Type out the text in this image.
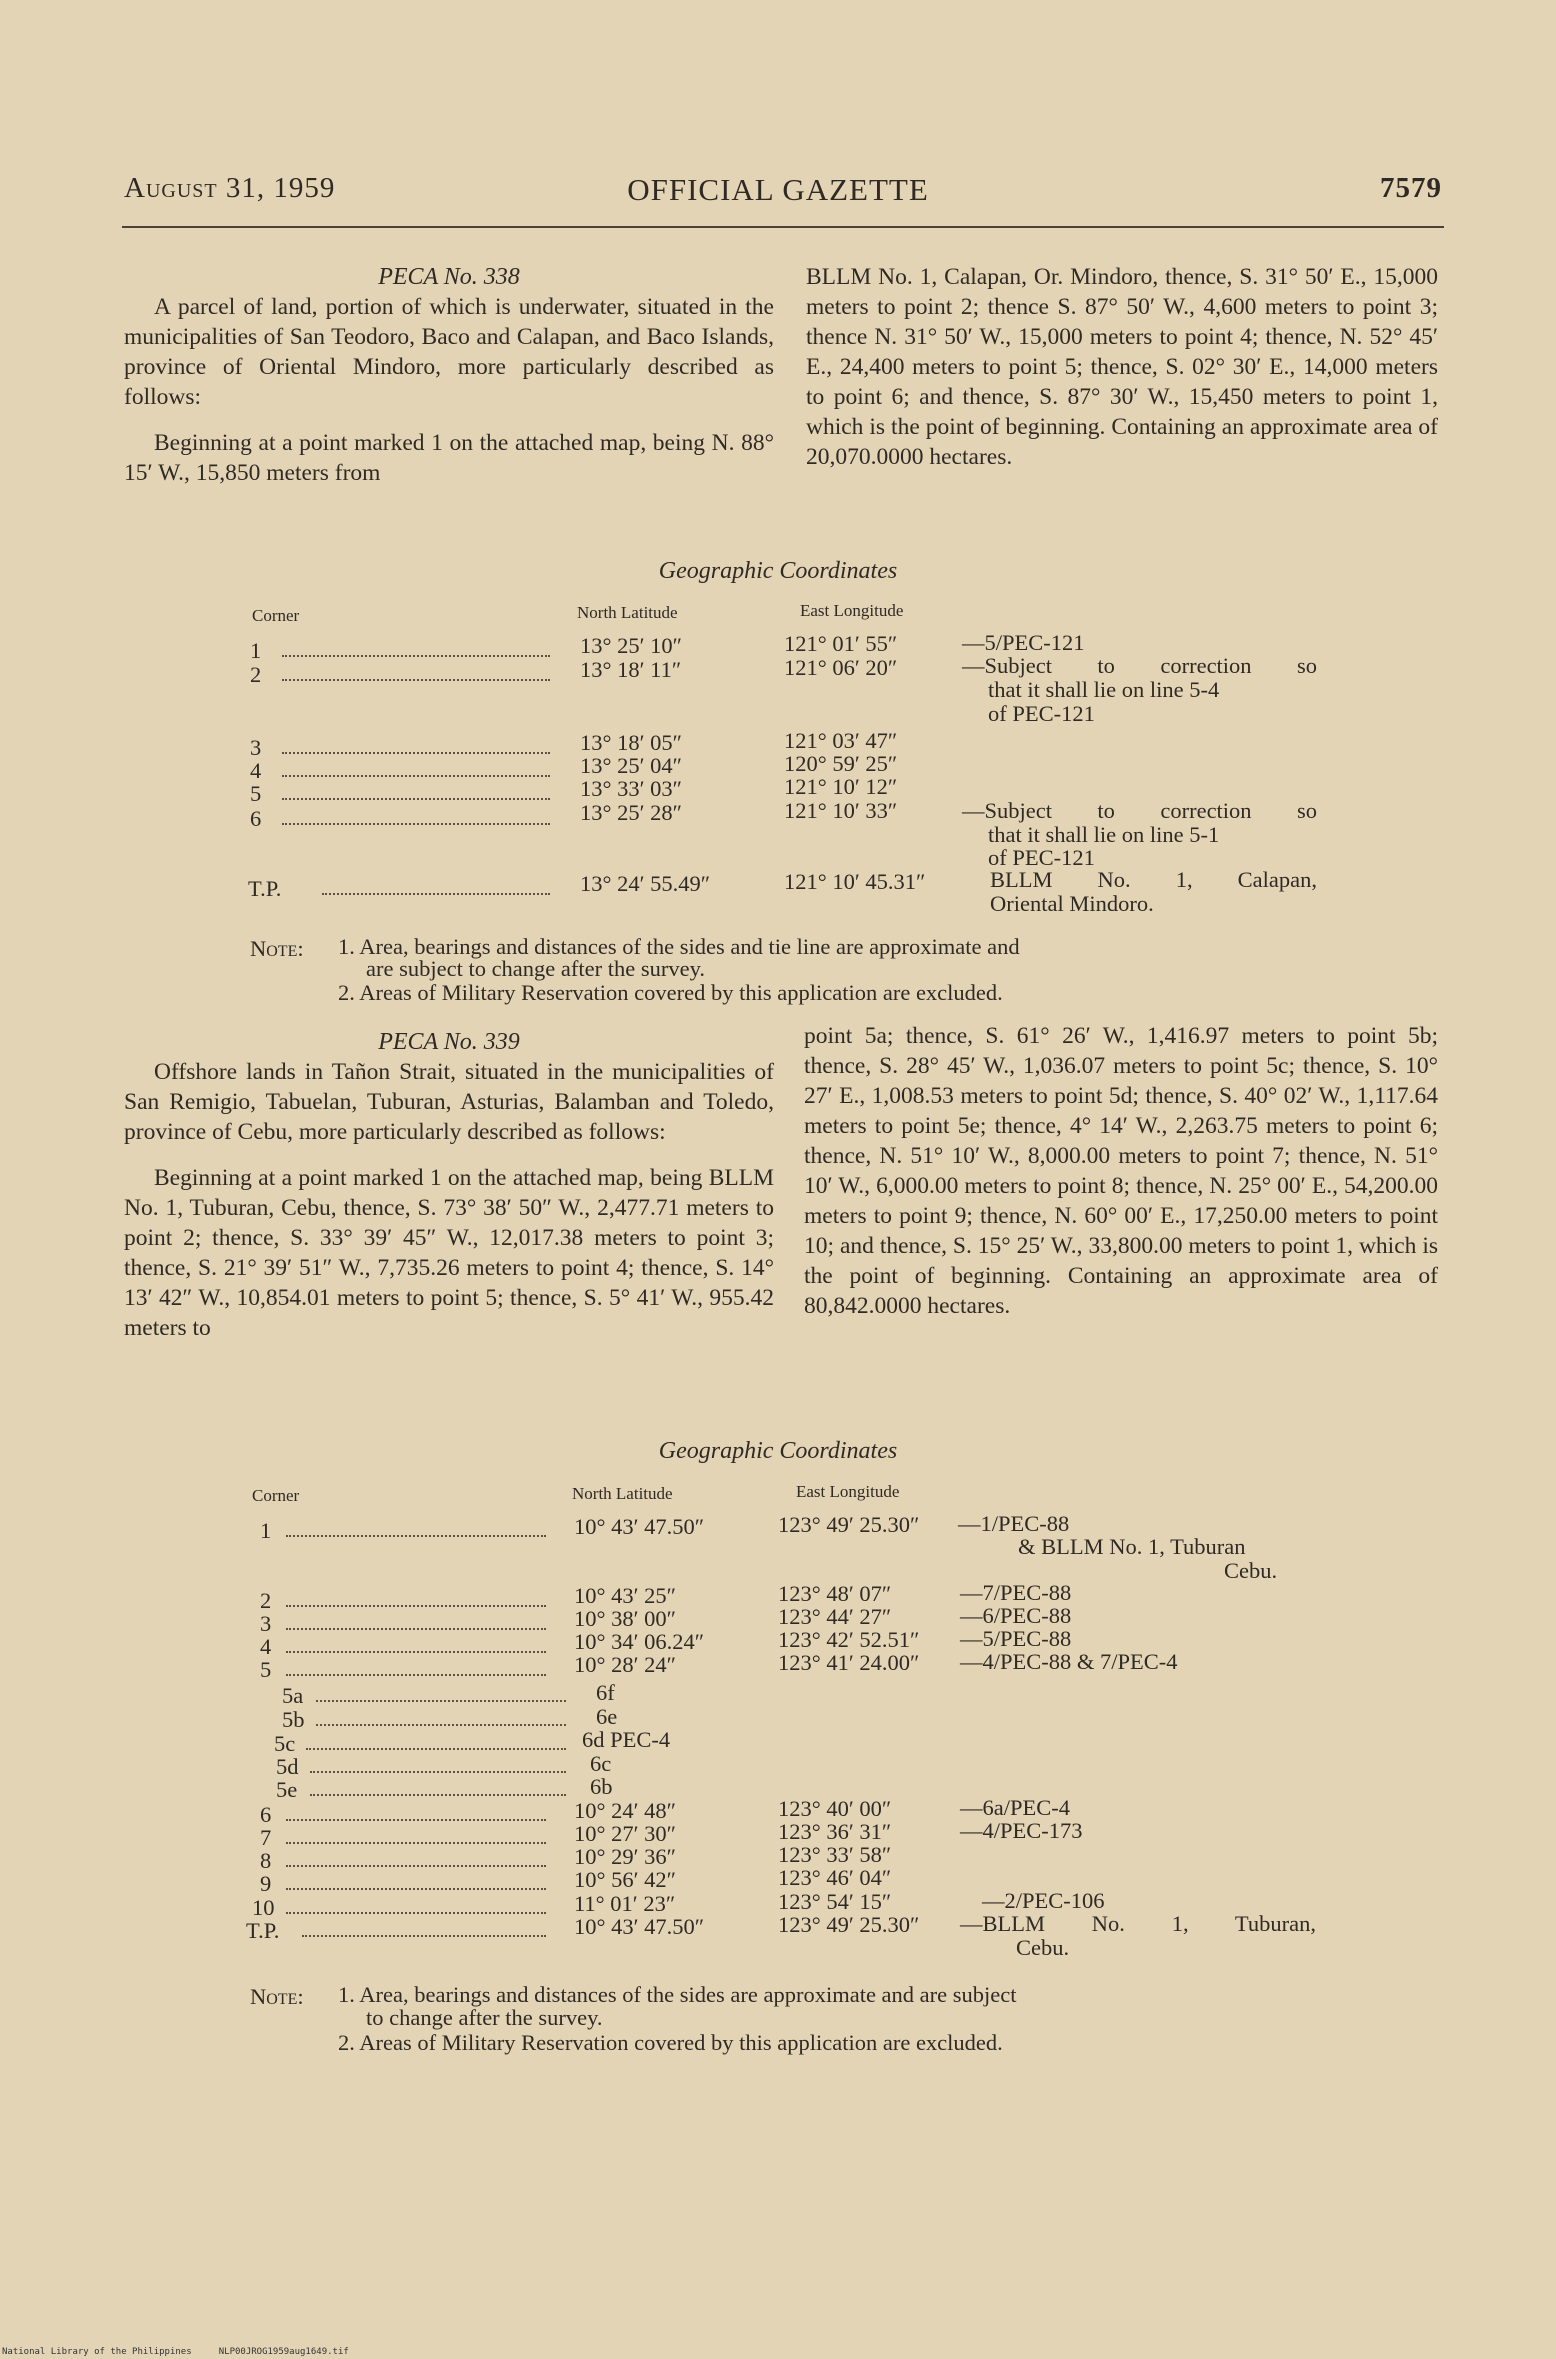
August 31, 1959	OFFICIAL GAZETTE	7579

PECA No. 338

A parcel of land, portion of which is underwater, situated in the municipalities of San Teodoro, Baco and Calapan, and Baco Islands, province of Oriental Mindoro, more particularly described as follows:

Beginning at a point marked 1 on the attached map, being N. 88° 15′ W., 15,850 meters from

BLLM No. 1, Calapan, Or. Mindoro, thence, S. 31° 50′ E., 15,000 meters to point 2; thence S. 87° 50′ W., 4,600 meters to point 3; thence N. 31° 50′ W., 15,000 meters to point 4; thence, N. 52° 45′ E., 24,400 meters to point 5; thence, S. 02° 30′ E., 14,000 meters to point 6; and thence, S. 87° 30′ W., 15,450 meters to point 1, which is the point of beginning. Containing an approximate area of 20,070.0000 hectares.

Geographic Coordinates
Corner	North Latitude	East Longitude
1	13° 25′ 10″	121° 01′ 55″	—5/PEC-121
2	13° 18′ 11″	121° 06′ 20″	—Subject to correction so
that it shall lie on line 5-4
of PEC-121
3	13° 18′ 05″	121° 03′ 47″
4	13° 25′ 04″	120° 59′ 25″
5	13° 33′ 03″	121° 10′ 12″
6	13° 25′ 28″	121° 10′ 33″	—Subject to correction so
that it shall lie on line 5-1
of PEC-121
T.P.	13° 24′ 55.49″	121° 10′ 45.31″	BLLM No. 1, Calapan,
Oriental Mindoro.
Note: 1. Area, bearings and distances of the sides and tie line are approximate and
are subject to change after the survey.
2. Areas of Military Reservation covered by this application are excluded.

PECA No. 339

Offshore lands in Tañon Strait, situated in the municipalities of San Remigio, Tabuelan, Tuburan, Asturias, Balamban and Toledo, province of Cebu, more particularly described as follows:

Beginning at a point marked 1 on the attached map, being BLLM No. 1, Tuburan, Cebu, thence, S. 73° 38′ 50″ W., 2,477.71 meters to point 2; thence, S. 33° 39′ 45″ W., 12,017.38 meters to point 3; thence, S. 21° 39′ 51″ W., 7,735.26 meters to point 4; thence, S. 14° 13′ 42″ W., 10,854.01 meters to point 5; thence, S. 5° 41′ W., 955.42 meters to

point 5a; thence, S. 61° 26′ W., 1,416.97 meters to point 5b; thence, S. 28° 45′ W., 1,036.07 meters to point 5c; thence, S. 10° 27′ E., 1,008.53 meters to point 5d; thence, S. 40° 02′ W., 1,117.64 meters to point 5e; thence, 4° 14′ W., 2,263.75 meters to point 6; thence, N. 51° 10′ W., 8,000.00 meters to point 7; thence, N. 51° 10′ W., 6,000.00 meters to point 8; thence, N. 25° 00′ E., 54,200.00 meters to point 9; thence, N. 60° 00′ E., 17,250.00 meters to point 10; and thence, S. 15° 25′ W., 33,800.00 meters to point 1, which is the point of beginning. Containing an approximate area of 80,842.0000 hectares.

Geographic Coordinates
Corner	North Latitude	East Longitude
1	10° 43′ 47.50″	123° 49′ 25.30″ —1/PEC-88
& BLLM No. 1, Tuburan
Cebu.
2	10° 43′ 25″	123° 48′ 07″	—7/PEC-88
3	10° 38′ 00″	123° 44′ 27″	—6/PEC-88
4	10° 34′ 06.24″	123° 42′ 52.51″ —5/PEC-88
5	10° 28′ 24″	123° 41′ 24.00″ —4/PEC-88 & 7/PEC-4
5a	6f
5b	6e
5c	6d PEC-4
5d	6c
5e	6b
6	10° 24′ 48″	123° 40′ 00″	—6a/PEC-4
7	10° 27′ 30″	123° 36′ 31″	—4/PEC-173
8	10° 29′ 36″	123° 33′ 58″
9	10° 56′ 42″	123° 46′ 04″
10	11° 01′ 23″	123° 54′ 15″	—2/PEC-106
T.P.	10° 43′ 47.50″	123° 49′ 25.30″ —BLLM No. 1, Tuburan,
Cebu.
Note: 1. Area, bearings and distances of the sides are approximate and are subject
to change after the survey.
2. Areas of Military Reservation covered by this application are excluded.
National Library of the Philippines     NLP00JROG1959aug1649.tif
